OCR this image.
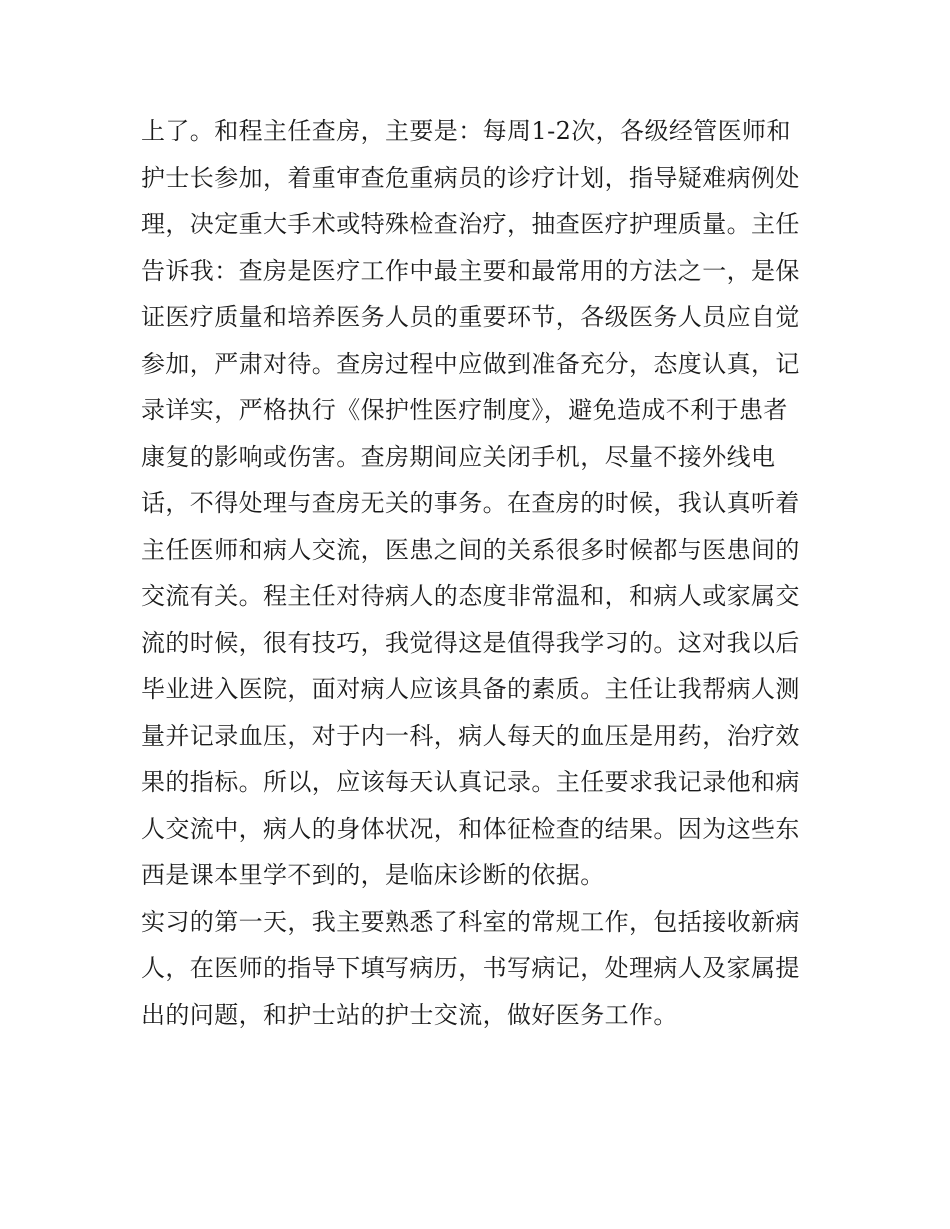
上了。和程主任查房，主要是：每周1-2次，各级经管医师和
护士长参加，着重审查危重病员的诊疗计划，指导疑难病例处
理，决定重大手术或特殊检查治疗，抽查医疗护理质量。主任
告诉我：查房是医疗工作中最主要和最常用的方法之一，是保
证医疗质量和培养医务人员的重要环节，各级医务人员应自觉
参加，严肃对待。查房过程中应做到准备充分，态度认真，记
录详实，严格执行《保护性医疗制度》，避免造成不利于患者
康复的影响或伤害。查房期间应关闭手机，尽量不接外线电
话，不得处理与查房无关的事务。在查房的时候，我认真听着
主任医师和病人交流，医患之间的关系很多时候都与医患间的
交流有关。程主任对待病人的态度非常温和，和病人或家属交
流的时候，很有技巧，我觉得这是值得我学习的。这对我以后
毕业进入医院，面对病人应该具备的素质。主任让我帮病人测
量并记录血压，对于内一科，病人每天的血压是用药，治疗效
果的指标。所以，应该每天认真记录。主任要求我记录他和病
人交流中，病人的身体状况，和体征检查的结果。因为这些东
西是课本里学不到的，是临床诊断的依据。
实习的第一天，我主要熟悉了科室的常规工作，包括接收新病
人，在医师的指导下填写病历，书写病记，处理病人及家属提
出的问题，和护士站的护士交流，做好医务工作。
